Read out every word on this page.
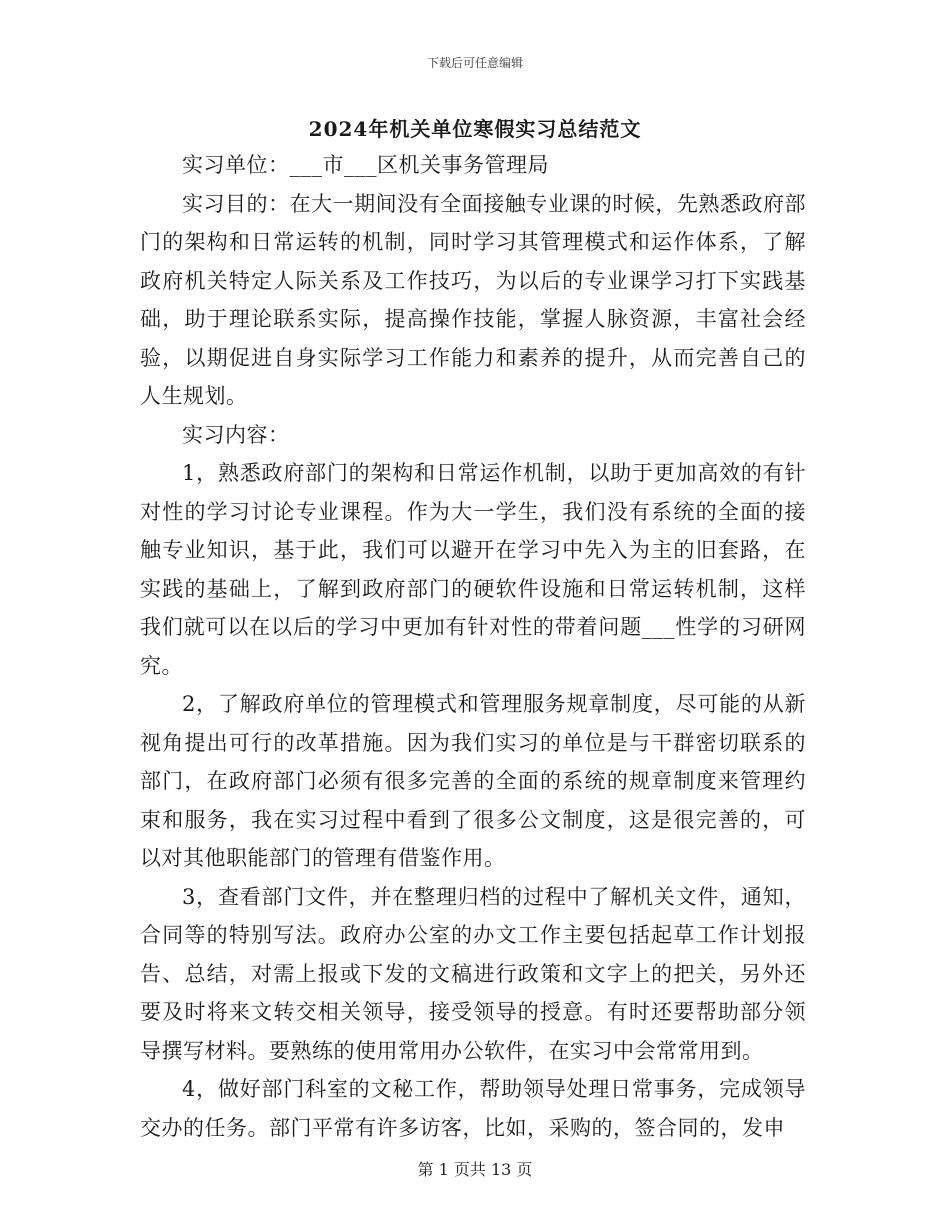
下载后可任意编辑
2024年机关单位寒假实习总结范文

实习单位：___市___区机关事务管理局

实习目的：在大一期间没有全面接触专业课的时候，先熟悉政府部门的架构和日常运转的机制，同时学习其管理模式和运作体系，了解政府机关特定人际关系及工作技巧，为以后的专业课学习打下实践基础，助于理论联系实际，提高操作技能，掌握人脉资源，丰富社会经验，以期促进自身实际学习工作能力和素养的提升，从而完善自己的人生规划。

实习内容：

1，熟悉政府部门的架构和日常运作机制，以助于更加高效的有针对性的学习讨论专业课程。作为大一学生，我们没有系统的全面的接触专业知识，基于此，我们可以避开在学习中先入为主的旧套路，在实践的基础上，了解到政府部门的硬软件设施和日常运转机制，这样我们就可以在以后的学习中更加有针对性的带着问题___性学的习研网究。

2，了解政府单位的管理模式和管理服务规章制度，尽可能的从新视角提出可行的改革措施。因为我们实习的单位是与干群密切联系的部门，在政府部门必须有很多完善的全面的系统的规章制度来管理约束和服务，我在实习过程中看到了很多公文制度，这是很完善的，可以对其他职能部门的管理有借鉴作用。

3，查看部门文件，并在整理归档的过程中了解机关文件，通知，合同等的特别写法。政府办公室的办文工作主要包括起草工作计划报告、总结，对需上报或下发的文稿进行政策和文字上的把关，另外还要及时将来文转交相关领导，接受领导的授意。有时还要帮助部分领导撰写材料。要熟练的使用常用办公软件，在实习中会常常用到。

4，做好部门科室的文秘工作，帮助领导处理日常事务，完成领导交办的任务。部门平常有许多访客，比如，采购的，签合同的，发申

第 1 页共 13 页
